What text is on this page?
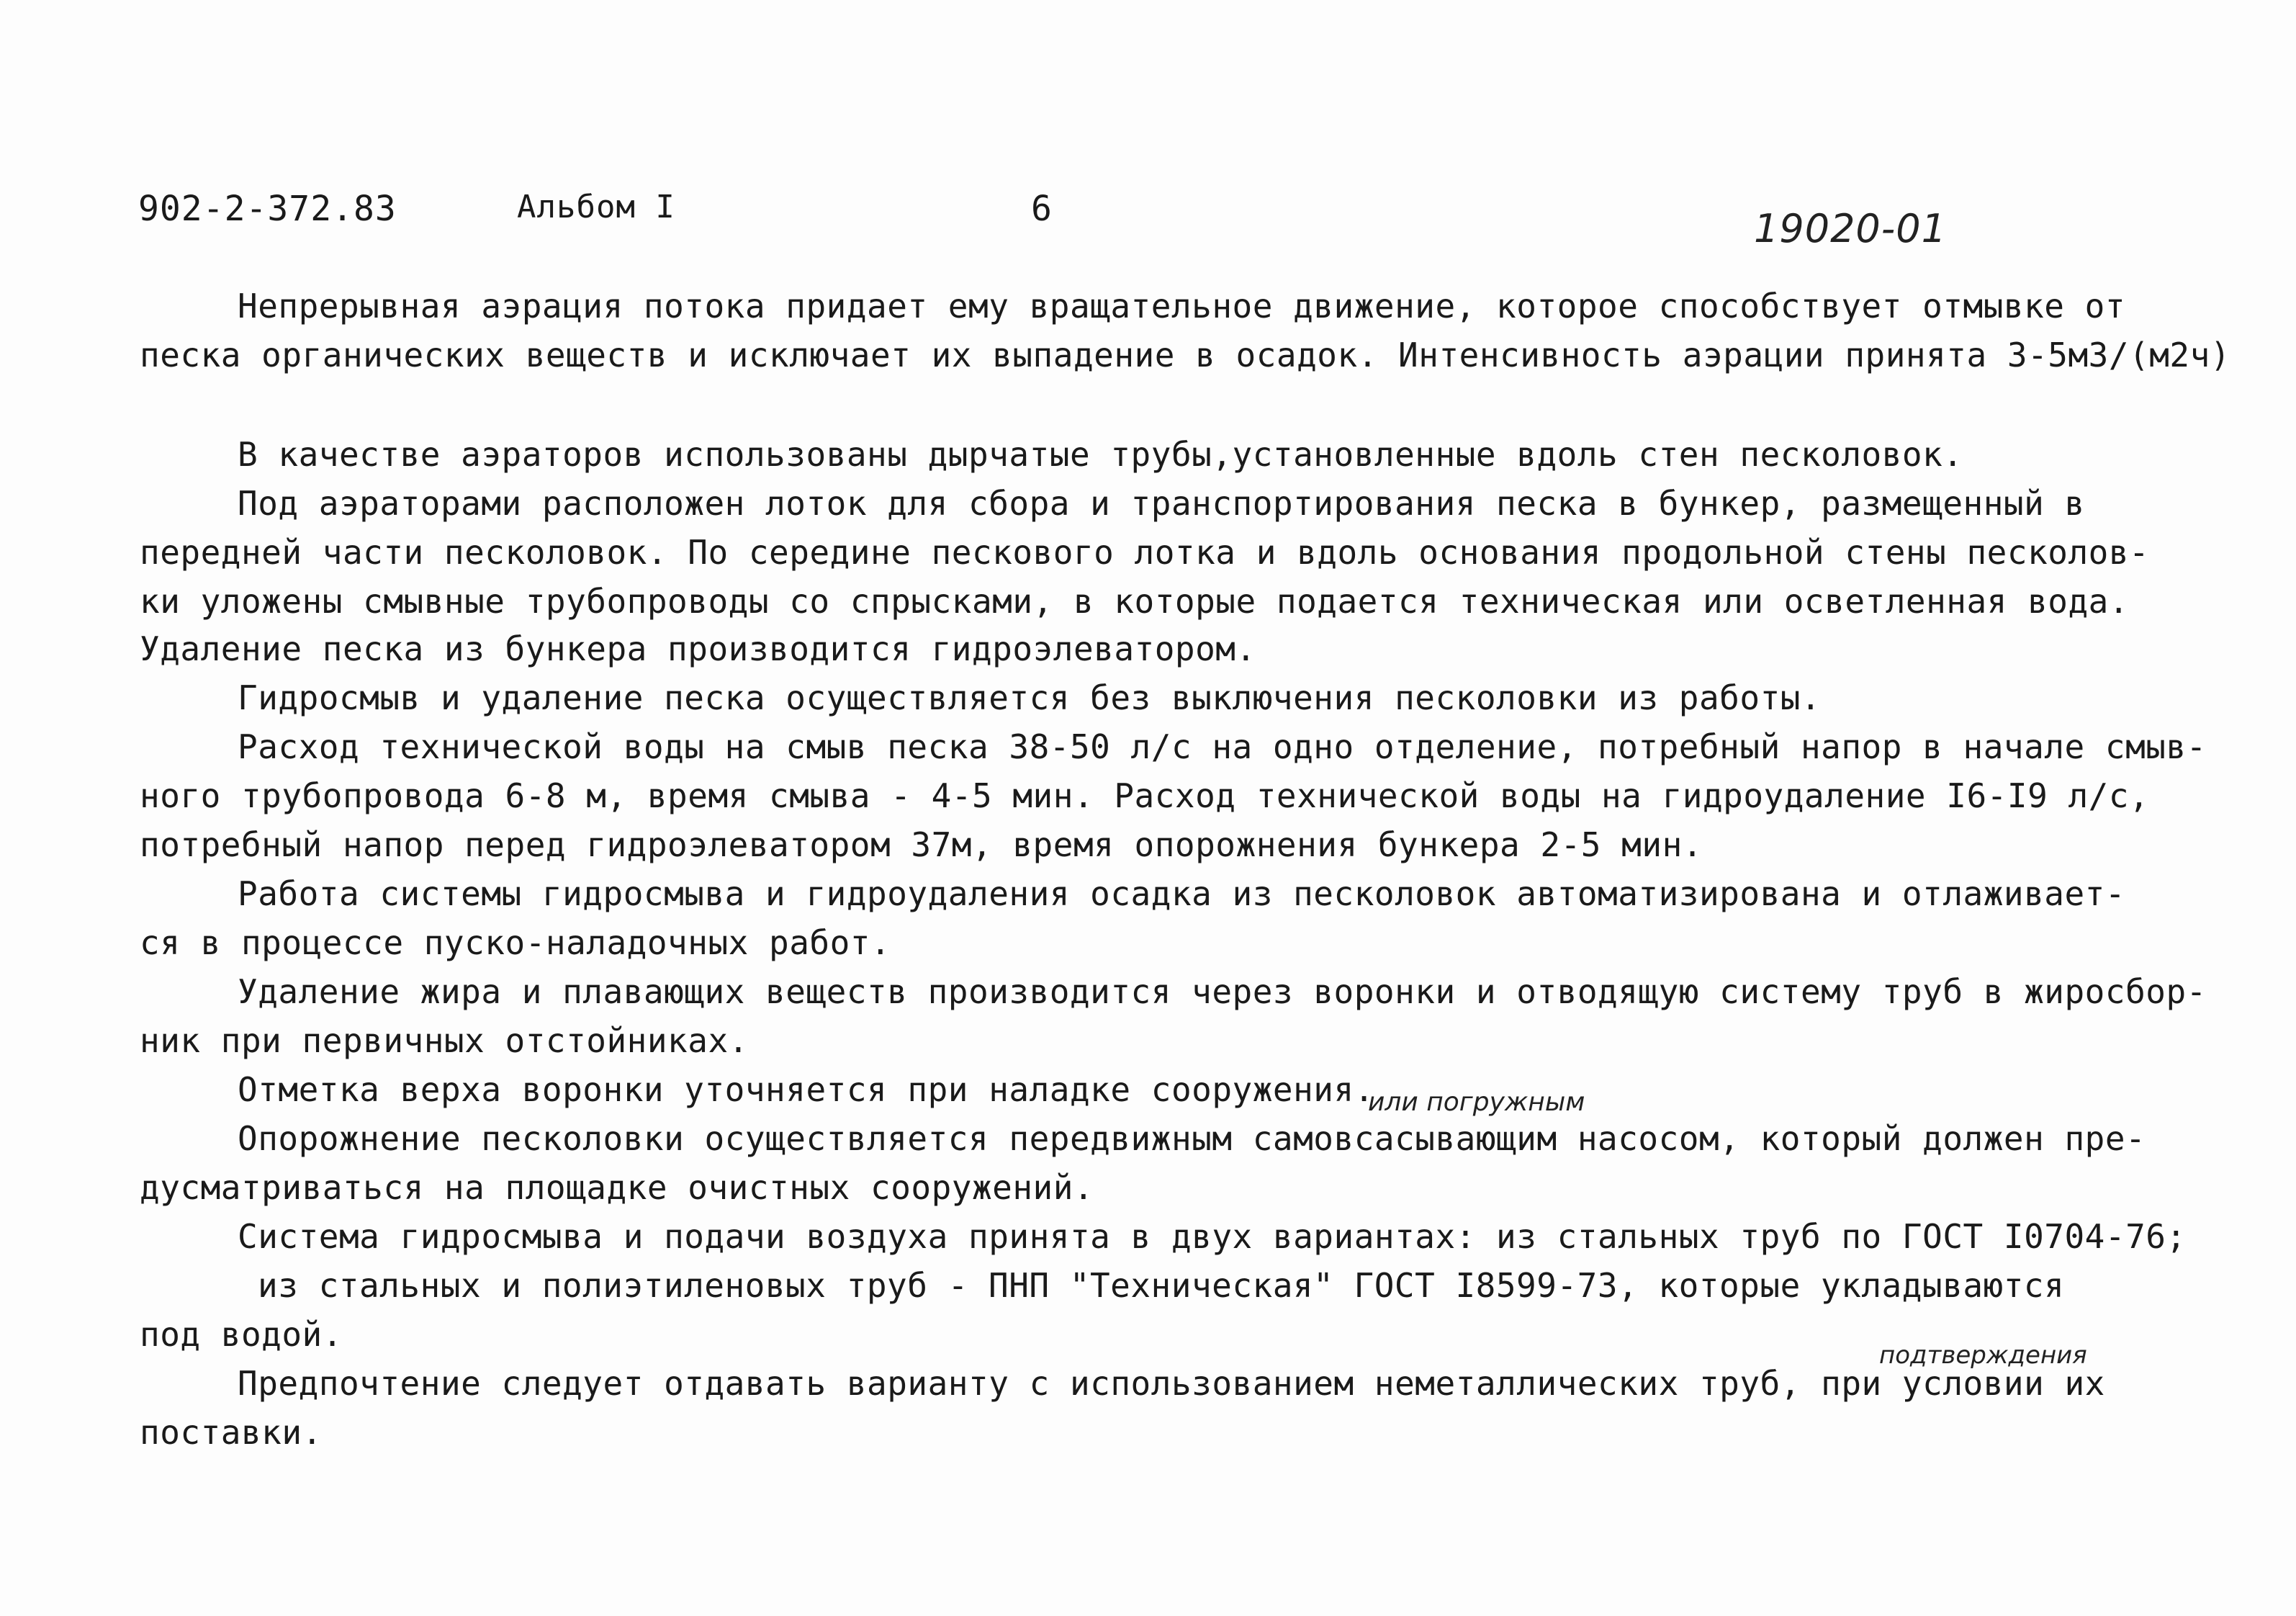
902-2-372.83	Альбом I	6	19020-01
Непрерывная аэрация потока придает ему вращательное движение, которое способствует отмывке от
песка органических веществ и исключает их выпадение в осадок. Интенсивность аэрации принята 3-5м3/(м2ч)
В качестве аэраторов использованы дырчатые трубы,установленные вдоль стен песколовок.
Под аэраторами расположен лоток для сбора и транспортирования песка в бункер, размещенный в
передней части песколовок. По середине пескового лотка и вдоль основания продольной стены песколов-
ки уложены смывные трубопроводы со спрысками, в которые подается техническая или осветленная вода.
Удаление песка из бункера производится гидроэлеватором.
Гидросмыв и удаление песка осуществляется без выключения песколовки из работы.
Расход технической воды на смыв песка 38-50 л/с на одно отделение, потребный напор в начале смыв-
ного трубопровода 6-8 м, время смыва - 4-5 мин. Расход технической воды на гидроудаление I6-I9 л/с,
потребный напор перед гидроэлеватором 37м, время опорожнения бункера 2-5 мин.
Работа системы гидросмыва и гидроудаления осадка из песколовок автоматизирована и отлаживает-
ся в процессе пуско-наладочных работ.
Удаление жира и плавающих веществ производится через воронки и отводящую систему труб в жиросбор-
ник при первичных отстойниках.
Отметка верха воронки уточняется при наладке сооружения.
или погружным
Опорожнение песколовки осуществляется передвижным самовсасывающим насосом, который должен пре-
дусматриваться на площадке очистных сооружений.
Система гидросмыва и подачи воздуха принята в двух вариантах: из стальных труб по ГОСТ I0704-76;
из стальных и полиэтиленовых труб - ПНП "Техническая" ГОСТ I8599-73, которые укладываются
под водой.
подтверждения
Предпочтение следует отдавать варианту с использованием неметаллических труб, при условии их
поставки.
